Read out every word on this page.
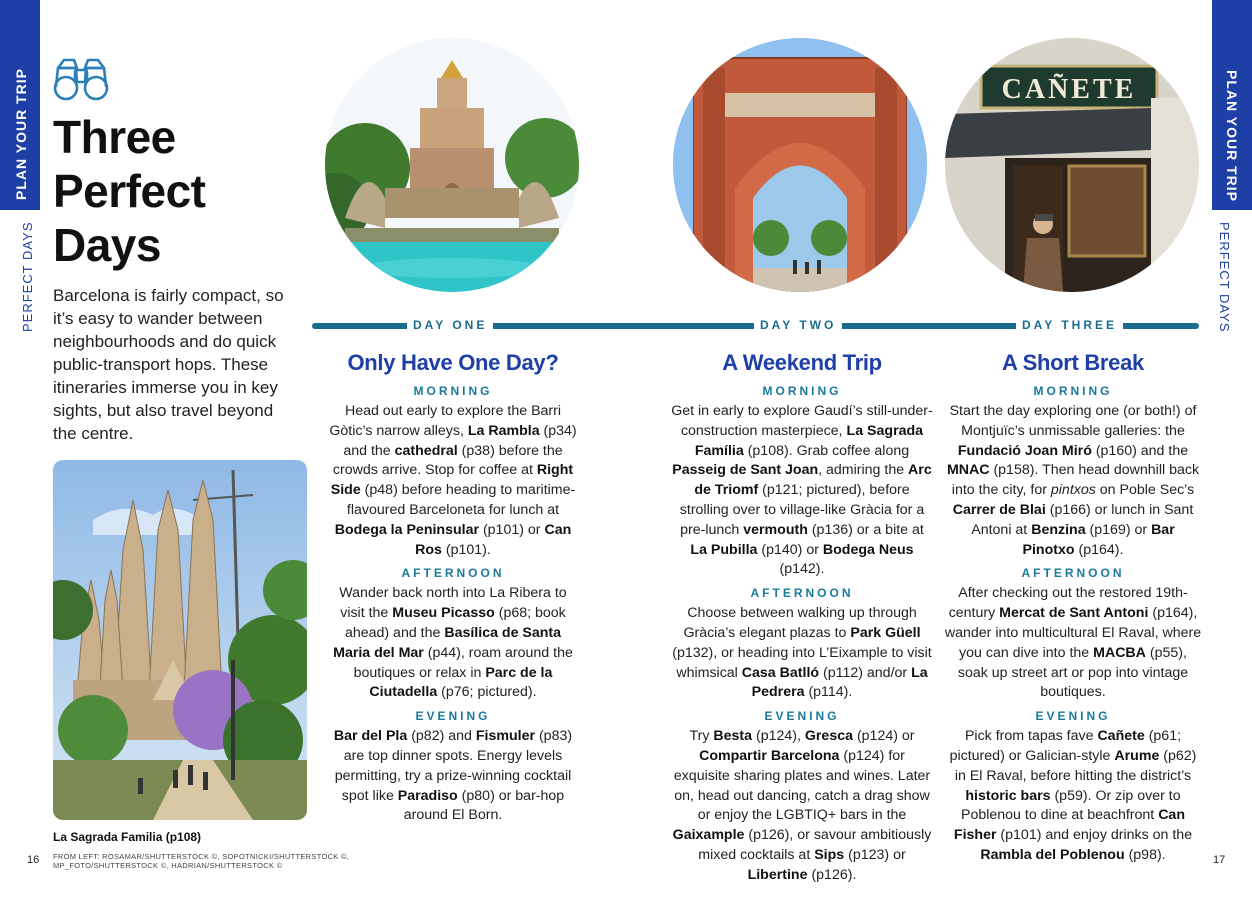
PLAN YOUR TRIP
PERFECT DAYS
PLAN YOUR TRIP
PERFECT DAYS
Three
Perfect
Days

Barcelona is fairly compact, so it’s easy to wander between neighbourhoods and do quick public-transport hops. These itineraries immerse you in key sights, but also travel beyond the centre.

La Sagrada Familia (p108)
FROM LEFT: ROSAMAR/SHUTTERSTOCK ©, SOPOTNICKI/SHUTTERSTOCK ©, MP_FOTO/SHUTTERSTOCK ©, HADRIAN/SHUTTERSTOCK ©
16	17
CAÑETE
DAY ONE	DAY TWO	DAY THREE
Only Have One Day?
MORNING

Head out early to explore the Barri Gòtic’s narrow alleys, La Rambla (p34) and the cathedral (p38) before the crowds arrive. Stop for coffee at Right Side (p48) before heading to maritime-flavoured Barceloneta for lunch at Bodega la Peninsular (p101) or Can Ros (p101).

AFTERNOON

Wander back north into La Ribera to visit the Museu Picasso (p68; book ahead) and the Basílica de Santa Maria del Mar (p44), roam around the boutiques or relax in Parc de la Ciutadella (p76; pictured).

EVENING

Bar del Pla (p82) and Fismuler (p83) are top dinner spots. Energy levels permitting, try a prize-winning cocktail spot like Paradiso (p80) or bar-hop around El Born.

A Weekend Trip
MORNING

Get in early to explore Gaudí’s still-under-construction masterpiece, La Sagrada Família (p108). Grab coffee along Passeig de Sant Joan, admiring the Arc de Triomf (p121; pictured), before strolling over to village-like Gràcia for a pre-lunch vermouth (p136) or a bite at La Pubilla (p140) or Bodega Neus (p142).

AFTERNOON

Choose between walking up through Gràcia’s elegant plazas to Park Güell (p132), or heading into L’Eixample to visit whimsical Casa Batlló (p112) and/or La Pedrera (p114).

EVENING

Try Besta (p124), Gresca (p124) or Compartir Barcelona (p124) for exquisite sharing plates and wines. Later on, head out dancing, catch a drag show or enjoy the LGBTIQ+ bars in the Gaixample (p126), or savour ambitiously mixed cocktails at Sips (p123) or Libertine (p126).

A Short Break
MORNING

Start the day exploring one (or both!) of Montjuïc’s unmissable galleries: the Fundació Joan Miró (p160) and the MNAC (p158). Then head downhill back into the city, for pintxos on Poble Sec’s Carrer de Blai (p166) or lunch in Sant Antoni at Benzina (p169) or Bar Pinotxo (p164).

AFTERNOON

After checking out the restored 19th-century Mercat de Sant Antoni (p164), wander into multicultural El Raval, where you can dive into the MACBA (p55), soak up street art or pop into vintage boutiques.

EVENING

Pick from tapas fave Cañete (p61; pictured) or Galician-style Arume (p62) in El Raval, before hitting the district’s historic bars (p59). Or zip over to Poblenou to dine at beachfront Can Fisher (p101) and enjoy drinks on the Rambla del Poblenou (p98).
